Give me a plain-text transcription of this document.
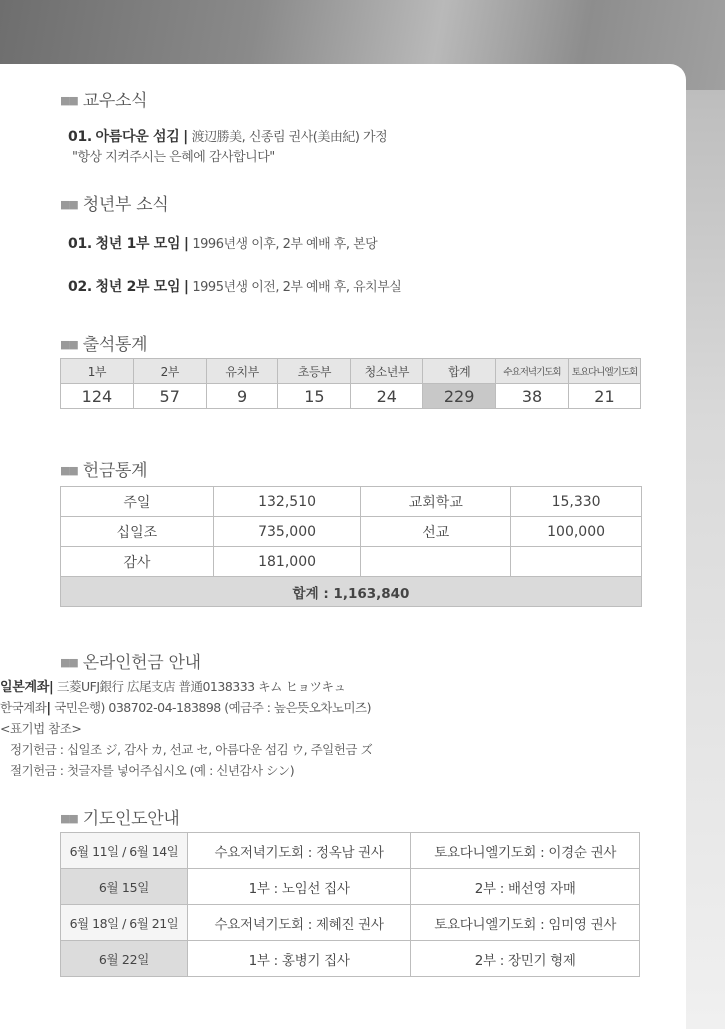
■■ 교우소식
01. 아름다운 섬김 | 渡辺勝美, 신종림 권사(美由紀) 가정
"항상 지켜주시는 은혜에 감사합니다"
■■ 청년부 소식
01. 청년 1부 모임 | 1996년생 이후, 2부 예배 후, 본당
02. 청년 2부 모임 | 1995년생 이전, 2부 예배 후, 유치부실
■■ 출석통계
1부	2부	유치부	초등부	청소년부	합계	수요저녁기도회	토요다니엘기도회
124	57	9	15	24	229	38	21
■■ 헌금통계
주일	132,510	교회학교	15,330
십일조	735,000	선교	100,000
감사	181,000		
합계 : 1,163,840			
■■ 온라인헌금 안내
일본계좌| 三菱UFJ銀行 広尾支店 普通0138333 キム ヒョツキュ
한국계좌| 국민은행) 038702-04-183898 (예금주 : 높은뜻오차노미즈)
<표기법 참조>
정기헌금 : 십일조 ジ, 감사 カ, 선교 セ, 아름다운 섬김 ウ, 주일헌금 ズ
절기헌금 : 첫글자를 넣어주십시오 (예 : 신년감사 シン)
■■ 기도인도안내
6월 11일 / 6월 14일	수요저녁기도회 : 정옥남 권사	토요다니엘기도회 : 이경순 권사
6월 15일	1부 : 노임선 집사	2부 : 배선영 자매
6월 18일 / 6월 21일	수요저녁기도회 : 제혜진 권사	토요다니엘기도회 : 임미영 권사
6월 22일	1부 : 홍병기 집사	2부 : 장민기 형제
